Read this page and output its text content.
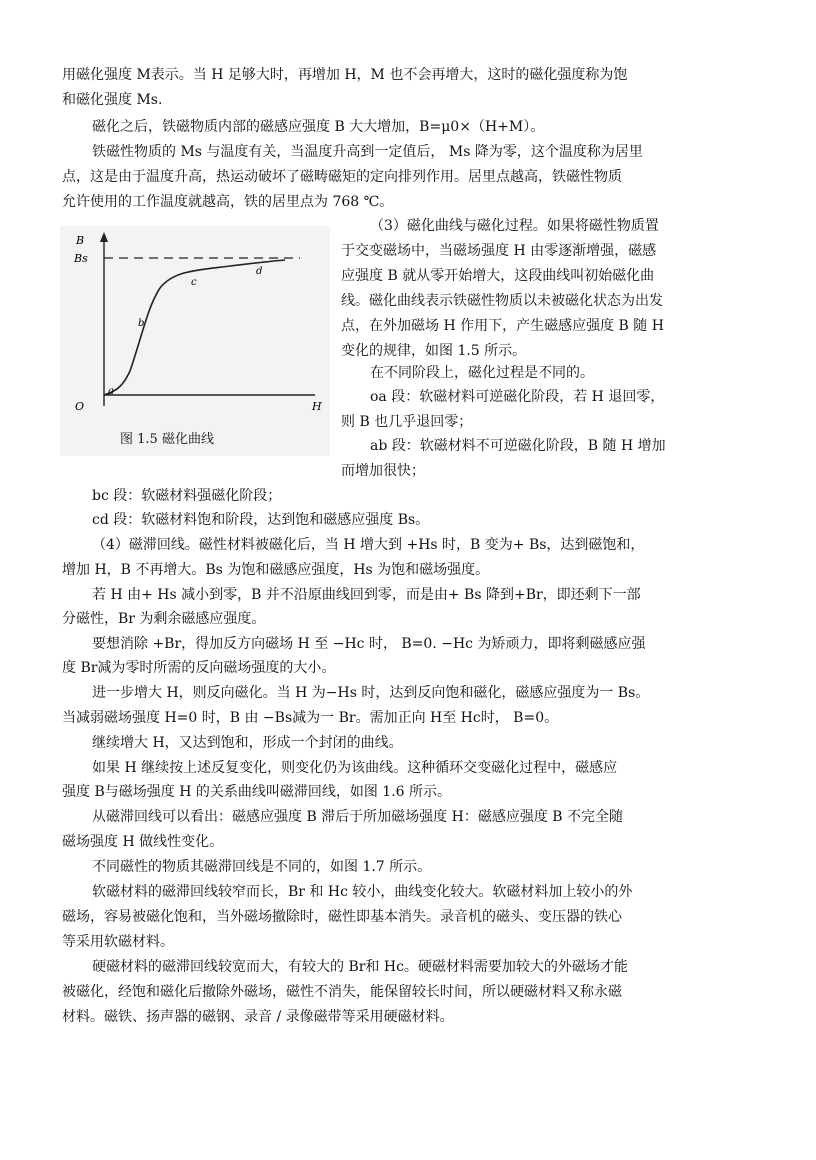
用磁化强度 M表示。当 H 足够大时，再增加 H，M 也不会再增大，这时的磁化强度称为饱

和磁化强度 Ms.

磁化之后，铁磁物质内部的磁感应强度 B 大大增加，B=μ0×（H+M）。

铁磁性物质的 Ms 与温度有关，当温度升高到一定值后， Ms 降为零，这个温度称为居里

点，这是由于温度升高，热运动破坏了磁畴磁矩的定向排列作用。居里点越高，铁磁性物质

允许使用的工作温度就越高，铁的居里点为 768 ℃。

B
Bs
O	H
a
b
c
d
图 1.5 磁化曲线

（3）磁化曲线与磁化过程。如果将磁性物质置

于交变磁场中，当磁场强度 H 由零逐渐增强，磁感

应强度 B 就从零开始增大，这段曲线叫初始磁化曲

线。磁化曲线表示铁磁性物质以未被磁化状态为出发

点，在外加磁场 H 作用下，产生磁感应强度 B 随 H

变化的规律，如图 1.5 所示。

在不同阶段上，磁化过程是不同的。

oa 段：软磁材料可逆磁化阶段，若 H 退回零，

则 B 也几乎退回零；

ab 段：软磁材料不可逆磁化阶段，B 随 H 增加

而增加很快；

bc 段：软磁材料强磁化阶段；

cd 段：软磁材料饱和阶段，达到饱和磁感应强度 Bs。

（4）磁滞回线。磁性材料被磁化后，当 H 增大到 +Hs 时，B 变为+ Bs，达到磁饱和，

增加 H，B 不再增大。Bs 为饱和磁感应强度，Hs 为饱和磁场强度。

若 H 由+ Hs 减小到零，B 并不沿原曲线回到零，而是由+ Bs 降到+Br，即还剩下一部

分磁性，Br 为剩余磁感应强度。

要想消除 +Br，得加反方向磁场 H 至 −Hc 时， B=0. −Hc 为矫顽力，即将剩磁感应强

度 Br减为零时所需的反向磁场强度的大小。

进一步增大 H，则反向磁化。当 H 为−Hs 时，达到反向饱和磁化，磁感应强度为一 Bs。

当减弱磁场强度 H=0 时，B 由 −Bs减为一 Br。需加正向 H至 Hc时， B=0。

继续增大 H，又达到饱和，形成一个封闭的曲线。

如果 H 继续按上述反复变化，则变化仍为该曲线。这种循环交变磁化过程中，磁感应

强度 B与磁场强度 H 的关系曲线叫磁滞回线，如图 1.6 所示。

从磁滞回线可以看出：磁感应强度 B 滞后于所加磁场强度 H：磁感应强度 B 不完全随

磁场强度 H 做线性变化。

不同磁性的物质其磁滞回线是不同的，如图 1.7 所示。

软磁材料的磁滞回线较窄而长，Br 和 Hc 较小，曲线变化较大。软磁材料加上较小的外

磁场，容易被磁化饱和，当外磁场撤除时，磁性即基本消失。录音机的磁头、变压器的铁心

等采用软磁材料。

硬磁材料的磁滞回线较宽而大，有较大的 Br和 Hc。硬磁材料需要加较大的外磁场才能

被磁化，经饱和磁化后撤除外磁场，磁性不消失，能保留较长时间，所以硬磁材料又称永磁

材料。磁铁、扬声器的磁钢、录音 / 录像磁带等采用硬磁材料。
